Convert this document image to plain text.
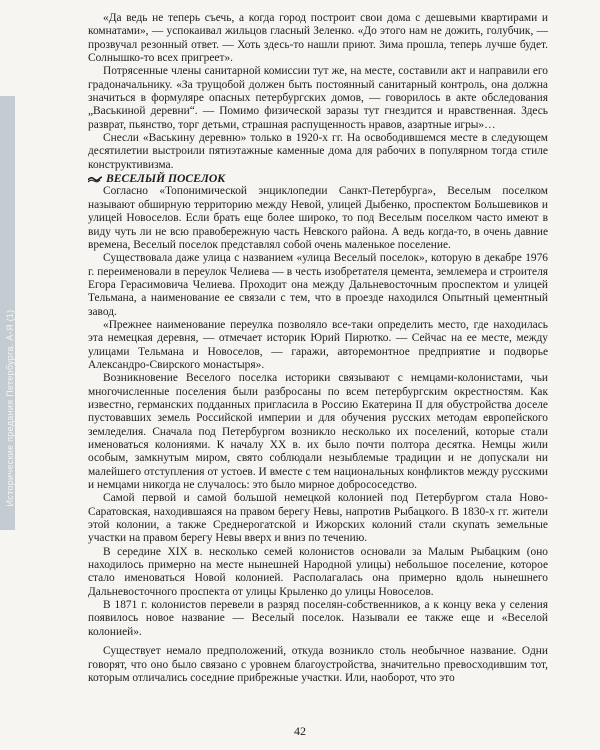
Исторические предания Петербурга. А-Я (1)

«Да ведь не теперь съечь, а когда город построит свои дома с дешевыми квартирами и комнатами», — успокаивал жильцов гласный Зеленко. «До этого нам не дожить, голубчик, — прозвучал резонный ответ. — Хоть здесь-то нашли приют. Зима прошла, теперь лучше будет. Солнышко-то всех пригреет».

Потрясенные члены санитарной комиссии тут же, на месте, составили акт и направили его градоначальнику. «За трущобой должен быть постоянный санитарный контроль, она должна значиться в формуляре опасных петербургских домов, — говорилось в акте обследования „Васькиной деревни“. — Помимо физической заразы тут гнездится и нравственная. Здесь разврат, пьянство, торг детьми, страшная распущенность нравов, азартные игры»…

Снесли «Васькину деревню» только в 1920-х гг. На освободившемся месте в следующем десятилетии выстроили пятиэтажные каменные дома для рабочих в популярном тогда стиле конструктивизма.

ВЕСЕЛЫЙ ПОСЕЛОК

Согласно «Топонимической энциклопедии Санкт-Петербурга», Веселым поселком называют обширную территорию между Невой, улицей Дыбенко, проспектом Большевиков и улицей Новоселов. Если брать еще более широко, то под Веселым поселком часто имеют в виду чуть ли не всю правобережную часть Невского района. А ведь когда-то, в очень давние времена, Веселый поселок представлял собой очень маленькое поселение.

Существовала даже улица с названием «улица Веселый поселок», которую в декабре 1976 г. переименовали в переулок Челиева — в честь изобретателя цемента, землемера и строителя Егора Герасимовича Челиева. Проходит она между Дальневосточным проспектом и улицей Тельмана, а наименование ее связали с тем, что в проезде находился Опытный цементный завод.

«Прежнее наименование переулка позволяло все-таки определить место, где находилась эта немецкая деревня, — отмечает историк Юрий Пирютко. — Сейчас на ее месте, между улицами Тельмана и Новоселов, — гаражи, авторемонтное предприятие и подворье Александро-Свирского монастыря».

Возникновение Веселого поселка историки связывают с немцами-колонистами, чьи многочисленные поселения были разбросаны по всем петербургским окрестностям. Как известно, германских подданных пригласила в Россию Екатерина II для обустройства доселе пустовавших земель Российской империи и для обучения русских методам европейского земледелия. Сначала под Петербургом возникло несколько их поселений, которые стали именоваться колониями. К началу XX в. их было почти полтора десятка. Немцы жили особым, замкнутым миром, свято соблюдали незыблемые традиции и не допускали ни малейшего отступления от устоев. И вместе с тем национальных конфликтов между русскими и немцами никогда не случалось: это было мирное добрососедство.

Самой первой и самой большой немецкой колонией под Петербургом стала Ново-Саратовская, находившаяся на правом берегу Невы, напротив Рыбацкого. В 1830-х гг. жители этой колонии, а также Среднерогатской и Ижорских колоний стали скупать земельные участки на правом берегу Невы вверх и вниз по течению.

В середине XIX в. несколько семей колонистов основали за Малым Рыбацким (оно находилось примерно на месте нынешней Народной улицы) небольшое поселение, которое стало именоваться Новой колонией. Располагалась она примерно вдоль нынешнего Дальневосточного проспекта от улицы Крыленко до улицы Новоселов.

В 1871 г. колонистов перевели в разряд поселян-собственников, а к концу века у селения появилось новое название — Веселый поселок. Называли ее также еще и «Веселой колонией».

Существует немало предположений, откуда возникло столь необычное название. Одни говорят, что оно было связано с уровнем благоустройства, значительно превосходившим тот, которым отличались соседние прибрежные участки. Или, наоборот, что это

42
